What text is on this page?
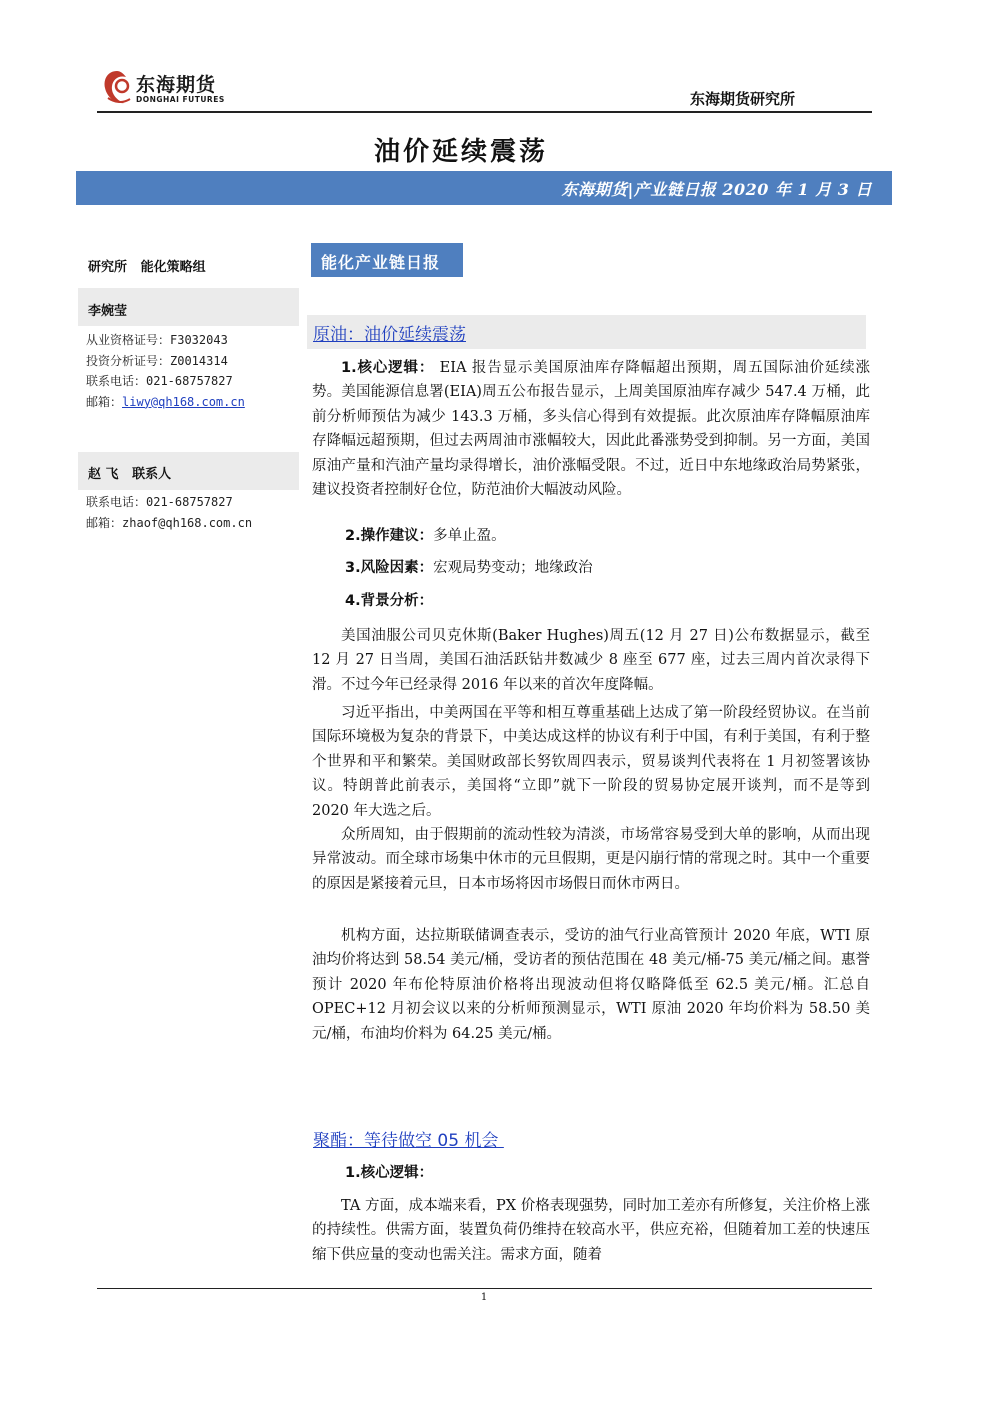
东海期货
DONGHAI FUTURES	东海期货研究所
油价延续震荡
东海期货|产业链日报 2020 年 1 月 3 日
研究所   能化策略组
李婉莹
从业资格证号：F3032043
投资分析证号：Z0014314
联系电话：021-68757827
邮箱：liwy@qh168.com.cn
赵 飞   联系人
联系电话：021-68757827
邮箱：zhaof@qh168.com.cn
能化产业链日报
原油：油价延续震荡
1.核心逻辑： EIA 报告显示美国原油库存降幅超出预期，周五国际油价延续涨势。美国能源信息署(EIA)周五公布报告显示，上周美国原油库存减少 547.4 万桶，此前分析师预估为减少 143.3 万桶，多头信心得到有效提振。此次原油库存降幅原油库存降幅远超预期，但过去两周油市涨幅较大，因此此番涨势受到抑制。另一方面，美国原油产量和汽油产量均录得增长，油价涨幅受限。不过，近日中东地缘政治局势紧张，建议投资者控制好仓位，防范油价大幅波动风险。
2.操作建议：多单止盈。
3.风险因素：宏观局势变动；地缘政治
4.背景分析：
美国油服公司贝克休斯(Baker Hughes)周五(12 月 27 日)公布数据显示，截至 12 月 27 日当周，美国石油活跃钻井数减少 8 座至 677 座，过去三周内首次录得下滑。不过今年已经录得 2016 年以来的首次年度降幅。
习近平指出，中美两国在平等和相互尊重基础上达成了第一阶段经贸协议。在当前国际环境极为复杂的背景下，中美达成这样的协议有利于中国，有利于美国，有利于整个世界和平和繁荣。美国财政部长努钦周四表示，贸易谈判代表将在 1 月初签署该协议。特朗普此前表示，美国将“立即”就下一阶段的贸易协定展开谈判，而不是等到 2020 年大选之后。
众所周知，由于假期前的流动性较为清淡，市场常容易受到大单的影响，从而出现异常波动。而全球市场集中休市的元旦假期，更是闪崩行情的常现之时。其中一个重要的原因是紧接着元旦，日本市场将因市场假日而休市两日。
机构方面，达拉斯联储调查表示，受访的油气行业高管预计 2020 年底，WTI 原油均价将达到 58.54 美元/桶，受访者的预估范围在 48 美元/桶-75 美元/桶之间。惠誉预计 2020 年布伦特原油价格将出现波动但将仅略降低至 62.5 美元/桶。汇总自 OPEC+12 月初会议以来的分析师预测显示，WTI 原油 2020 年均价料为 58.50 美元/桶，布油均价料为 64.25 美元/桶。
聚酯：等待做空 05 机会
1.核心逻辑：
TA 方面，成本端来看，PX 价格表现强势，同时加工差亦有所修复，关注价格上涨的持续性。供需方面，装置负荷仍维持在较高水平，供应充裕，但随着加工差的快速压缩下供应量的变动也需关注。需求方面，随着
1
